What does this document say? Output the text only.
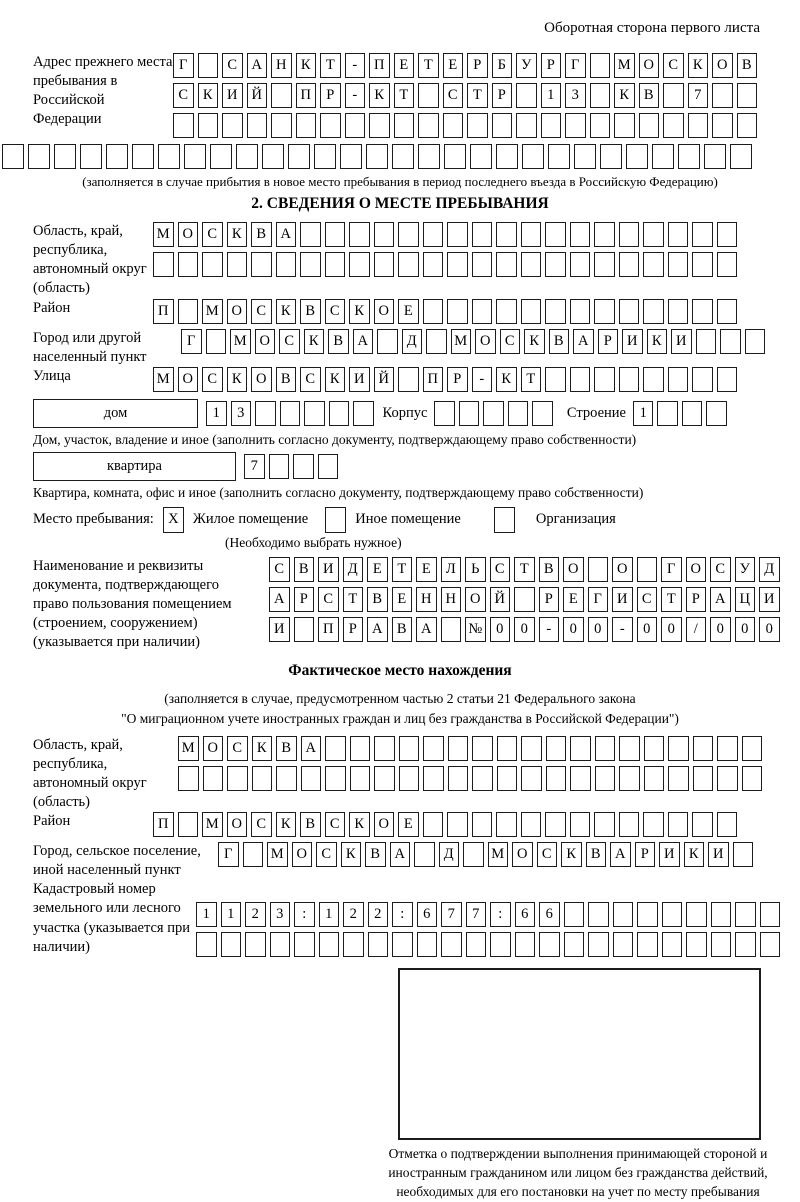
Оборотная сторона первого листа
Адрес прежнего места пребывания в Российской Федерации
Г	С А Н К	Т	-	П	Е	Т	Е	Р	Б	У	Р	Г	М О С	К О В
С	К И Й	П	Р	-	К	Т	С	Т	Р	1	3	К	В	7
(заполняется в случае прибытия в новое место пребывания в период последнего въезда в Российскую Федерацию)
2. СВЕДЕНИЯ О МЕСТЕ ПРЕБЫВАНИЯ
Область, край, республика, автономный округ (область)
М О С	К	В А
Район	П	М О С	К	В	С	К О	Е
Город или другой населенный пункт
Г	М О С	К	В А	Д	М О С	К	В А	Р	И К И
Улица	М О С	К О В	С	К И Й	П	Р	-	К	Т
дом	1	3	Корпус	Строение 1
Дом, участок, владение и иное (заполнить согласно документу, подтверждающему право собственности)
квартира	7
Квартира, комната, офис и иное (заполнить согласно документу, подтверждающему право собственности)
Место пребывания: X Жилое помещение	Иное помещение	Организация
(Необходимо выбрать нужное)
Наименование и реквизиты документа, подтверждающего право пользования помещением (строением, сооружением) (указывается при наличии)
С	В И Д	Е	Т	Е	Л	Ь	С	Т	В О	О	Г	О С	У Д
А	Р	С	Т	В	Е	Н Н О Й	Р	Е	Г	И С	Т	Р	А Ц И
И	П	Р	А В А	№ 0	0	-	0	0	-	0	0	/	0	0	0
Фактическое место нахождения
(заполняется в случае, предусмотренном частью 2 статьи 21 Федерального закона
"О миграционном учете иностранных граждан и лиц без гражданства в Российской Федерации")
Область, край, республика, автономный округ (область)
М О С	К	В А
Район	П	М О С	К	В	С	К О	Е
Город, сельское поселение, иной населенный пункт
Г	М О С	К	В А	Д	М О С	К	В А	Р	И К И
Кадастровый номер земельного или лесного участка (указывается при наличии)
1	1	2	3	:	1	2	2	:	6	7	7	:	6	6
Отметка о подтверждении выполнения принимающей стороной и иностранным гражданином или лицом без гражданства действий, необходимых для его постановки на учет по месту пребывания
